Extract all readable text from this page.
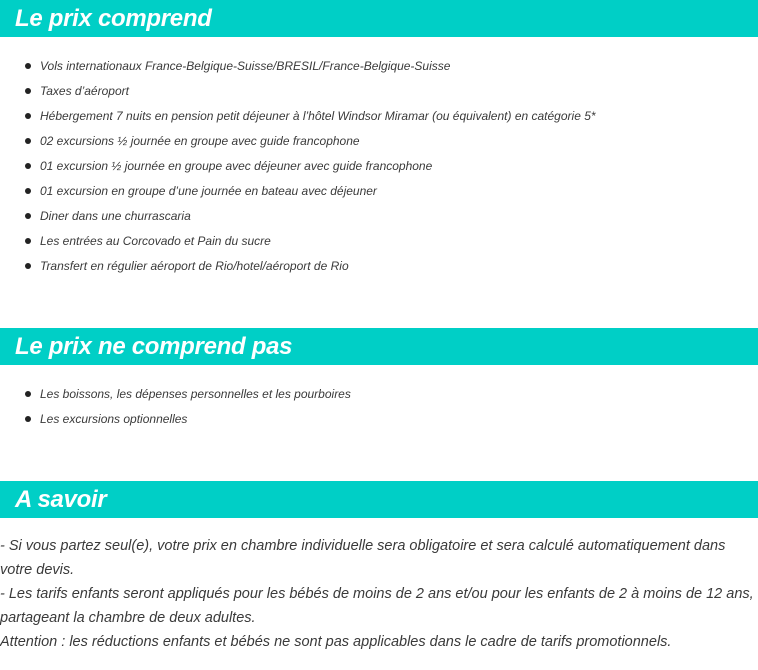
Le prix comprend
Vols internationaux France-Belgique-Suisse/BRESIL/France-Belgique-Suisse
Taxes d’aéroport
Hébergement 7 nuits en pension petit déjeuner à l’hôtel Windsor Miramar (ou équivalent) en catégorie 5*
02 excursions ½ journée en groupe avec guide francophone
01 excursion ½ journée en groupe avec déjeuner avec guide francophone
01 excursion en groupe d’une journée en bateau avec déjeuner
Diner dans une churrascaria
Les entrées au Corcovado et Pain du sucre
Transfert en régulier aéroport de Rio/hotel/aéroport de Rio
Le prix ne comprend pas
Les boissons, les dépenses personnelles et les pourboires
Les excursions optionnelles
A savoir

- Si vous partez seul(e), votre prix en chambre individuelle sera obligatoire et sera calculé automatiquement dans votre devis.

- Les tarifs enfants seront appliqués pour les bébés de moins de 2 ans et/ou pour les enfants de 2 à moins de 12 ans, partageant la chambre de deux adultes.

Attention : les réductions enfants et bébés ne sont pas applicables dans le cadre de tarifs promotionnels.
